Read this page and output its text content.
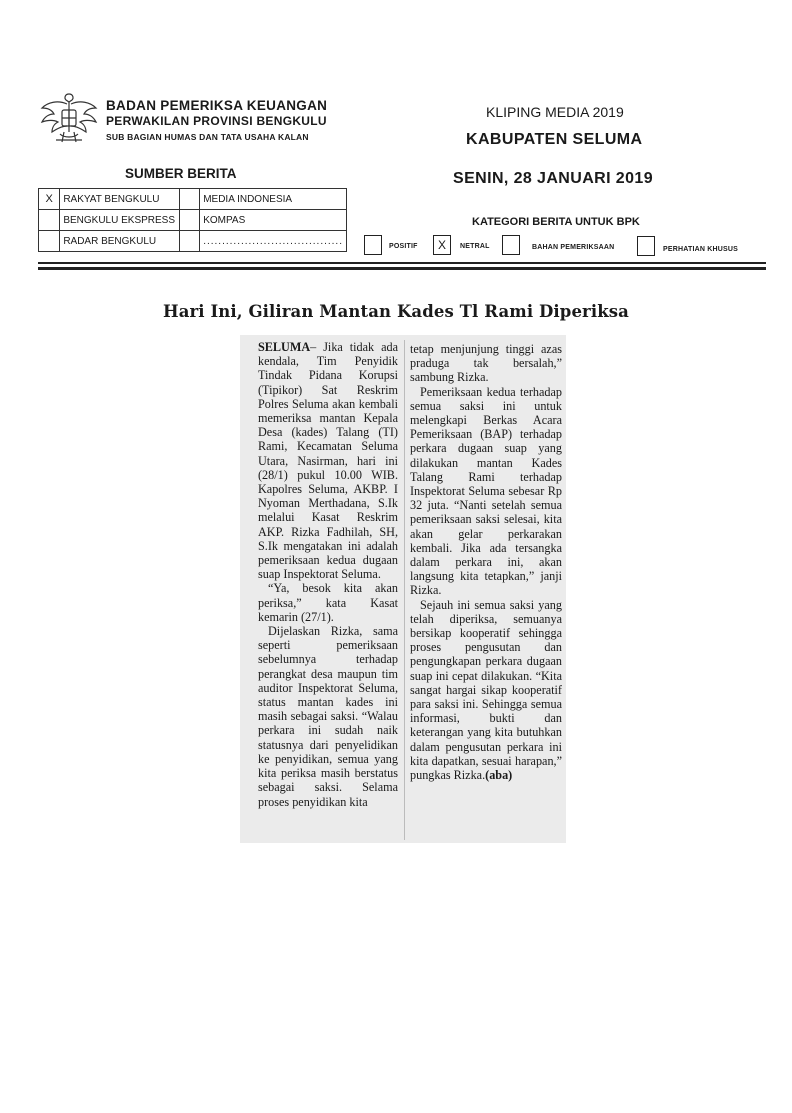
BADAN PEMERIKSA KEUANGAN
PERWAKILAN PROVINSI BENGKULU
SUB BAGIAN HUMAS DAN TATA USAHA KALAN
KLIPING MEDIA 2019
KABUPATEN SELUMA
SENIN, 28 JANUARI 2019
SUMBER BERITA
X	RAKYAT BENGKULU		MEDIA INDONESIA
	BENGKULU EKSPRESS		KOMPAS
	RADAR BENGKULU		.....................................
KATEGORI BERITA UNTUK BPK
POSITIF	X	NETRAL	BAHAN PEMERIKSAAN	PERHATIAN KHUSUS
Hari Ini, Giliran Mantan Kades Tl Rami Diperiksa

SELUMA– Jika tidak ada kendala, Tim Penyidik Tindak Pidana Korupsi (Tipikor) Sat Reskrim Polres Seluma akan kembali memeriksa mantan Kepala Desa (kades) Talang (TI) Rami, Kecamatan Seluma Utara, Nasirman, hari ini (28/1) pukul 10.00 WIB. Kapolres Seluma, AKBP. I Nyoman Merthadana, S.Ik melalui Kasat Reskrim AKP. Rizka Fadhilah, SH, S.Ik mengatakan ini adalah pemeriksaan kedua dugaan suap Inspektorat Seluma.

“Ya, besok kita akan periksa,” kata Kasat kemarin (27/1).

Dijelaskan Rizka, sama seperti pemeriksaan sebelumnya terhadap perangkat desa maupun tim auditor Inspektorat Seluma, status mantan kades ini masih sebagai saksi. “Walau perkara ini sudah naik statusnya dari penyelidikan ke penyidikan, semua yang kita periksa masih berstatus sebagai saksi. Selama proses penyidikan kita

tetap menjunjung tinggi azas praduga tak bersalah,” sambung Rizka.

Pemeriksaan kedua terhadap semua saksi ini untuk melengkapi Berkas Acara Pemeriksaan (BAP) terhadap perkara dugaan suap yang dilakukan mantan Kades Talang Rami terhadap Inspektorat Seluma sebesar Rp 32 juta. “Nanti setelah semua pemeriksaan saksi selesai, kita akan gelar perkarakan kembali. Jika ada tersangka dalam perkara ini, akan langsung kita tetapkan,” janji Rizka.

Sejauh ini semua saksi yang telah diperiksa, semuanya bersikap kooperatif sehingga proses pengusutan dan pengungkapan perkara dugaan suap ini cepat dilakukan. “Kita sangat hargai sikap kooperatif para saksi ini. Sehingga semua informasi, bukti dan keterangan yang kita butuhkan dalam pengusutan perkara ini kita dapatkan, sesuai harapan,” pungkas Rizka.(aba)
